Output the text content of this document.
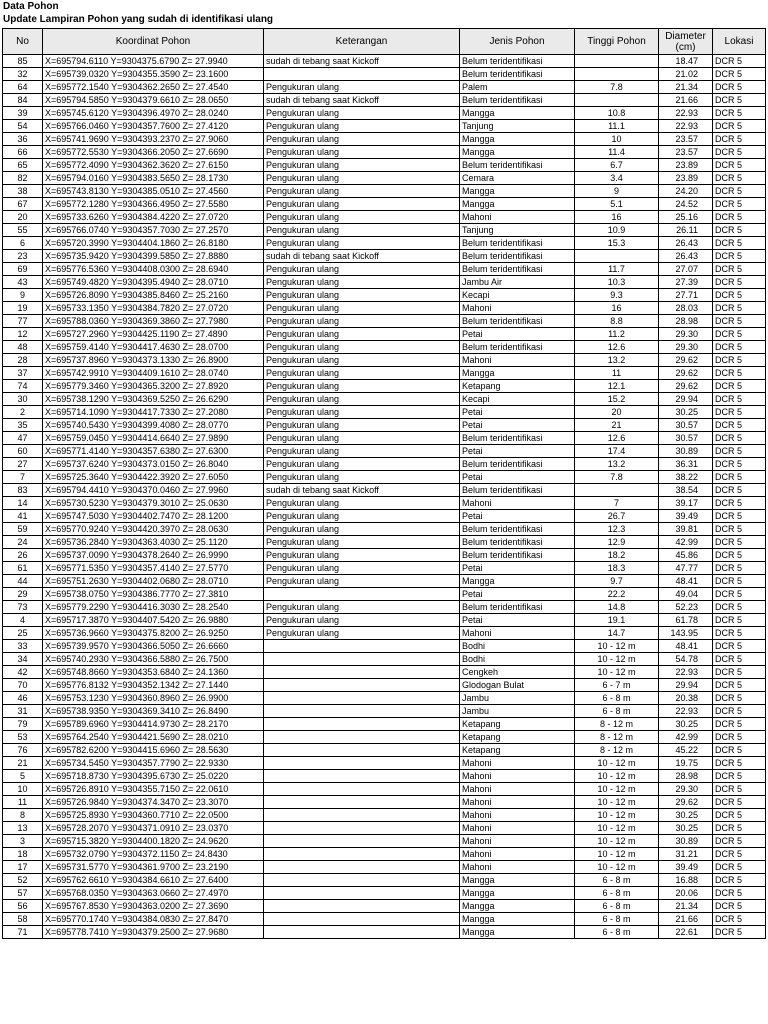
Data Pohon
Update Lampiran Pohon yang sudah di identifikasi ulang
No	Koordinat Pohon	Keterangan	Jenis Pohon	Tinggi Pohon	Diameter (cm)	Lokasi
85	X=695794.6110 Y=9304375.6790 Z= 27.9940	sudah di tebang saat Kickoff	Belum teridentifikasi		18.47	DCR 5
32	X=695739.0320 Y=9304355.3590 Z= 23.1600		Belum teridentifikasi		21.02	DCR 5
64	X=695772.1540 Y=9304362.2650 Z= 27.4540	Pengukuran ulang	Palem	7.8	21.34	DCR 5
84	X=695794.5850 Y=9304379.6610 Z= 28.0650	sudah di tebang saat Kickoff	Belum teridentifikasi		21.66	DCR 5
39	X=695745.6120 Y=9304396.4970 Z= 28.0240	Pengukuran ulang	Mangga	10.8	22.93	DCR 5
54	X=695766.0460 Y=9304357.7600 Z= 27.4120	Pengukuran ulang	Tanjung	11.1	22.93	DCR 5
36	X=695741.9690 Y=9304393.2370 Z= 27.9060	Pengukuran ulang	Mangga	10	23.57	DCR 5
66	X=695772.5530 Y=9304366.2050 Z= 27.6690	Pengukuran ulang	Mangga	11.4	23.57	DCR 5
65	X=695772.4090 Y=9304362.3620 Z= 27.6150	Pengukuran ulang	Belum teridentifikasi	6.7	23.89	DCR 5
82	X=695794.0160 Y=9304383.5650 Z= 28.1730	Pengukuran ulang	Cemara	3.4	23.89	DCR 5
38	X=695743.8130 Y=9304385.0510 Z= 27.4560	Pengukuran ulang	Mangga	9	24.20	DCR 5
67	X=695772.1280 Y=9304366.4950 Z= 27.5580	Pengukuran ulang	Mangga	5.1	24.52	DCR 5
20	X=695733.6260 Y=9304384.4220 Z= 27.0720	Pengukuran ulang	Mahoni	16	25.16	DCR 5
55	X=695766.0740 Y=9304357.7030 Z= 27.2570	Pengukuran ulang	Tanjung	10.9	26.11	DCR 5
6	X=695720.3990 Y=9304404.1860 Z= 26.8180	Pengukuran ulang	Belum teridentifikasi	15.3	26.43	DCR 5
23	X=695735.9420 Y=9304399.5850 Z= 27.8880	sudah di tebang saat Kickoff	Belum teridentifikasi		26.43	DCR 5
69	X=695776.5360 Y=9304408.0300 Z= 28.6940	Pengukuran ulang	Belum teridentifikasi	11.7	27.07	DCR 5
43	X=695749.4820 Y=9304395.4940 Z= 28.0710	Pengukuran ulang	Jambu Air	10.3	27.39	DCR 5
9	X=695726.8090 Y=9304385.8460 Z= 25.2160	Pengukuran ulang	Kecapi	9.3	27.71	DCR 5
19	X=695733.1350 Y=9304384.7820 Z= 27.0720	Pengukuran ulang	Mahoni	16	28.03	DCR 5
77	X=695788.0360 Y=9304369.3860 Z= 27.7980	Pengukuran ulang	Belum teridentifikasi	8.8	28.98	DCR 5
12	X=695727.2960 Y=9304425.1190 Z= 27.4890	Pengukuran ulang	Petai	11.2	29.30	DCR 5
48	X=695759.4140 Y=9304417.4630 Z= 28.0700	Pengukuran ulang	Belum teridentifikasi	12.6	29.30	DCR 5
28	X=695737.8960 Y=9304373.1330 Z= 26.8900	Pengukuran ulang	Mahoni	13.2	29.62	DCR 5
37	X=695742.9910 Y=9304409.1610 Z= 28.0740	Pengukuran ulang	Mangga	11	29.62	DCR 5
74	X=695779.3460 Y=9304365.3200 Z= 27.8920	Pengukuran ulang	Ketapang	12.1	29.62	DCR 5
30	X=695738.1290 Y=9304369.5250 Z= 26.6290	Pengukuran ulang	Kecapi	15.2	29.94	DCR 5
2	X=695714.1090 Y=9304417.7330 Z= 27.2080	Pengukuran ulang	Petai	20	30.25	DCR 5
35	X=695740.5430 Y=9304399.4080 Z= 28.0770	Pengukuran ulang	Petai	21	30.57	DCR 5
47	X=695759.0450 Y=9304414.6640 Z= 27.9890	Pengukuran ulang	Belum teridentifikasi	12.6	30.57	DCR 5
60	X=695771.4140 Y=9304357.6380 Z= 27.6300	Pengukuran ulang	Petai	17.4	30.89	DCR 5
27	X=695737.6240 Y=9304373.0150 Z= 26.8040	Pengukuran ulang	Belum teridentifikasi	13.2	36.31	DCR 5
7	X=695725.3640 Y=9304422.3920 Z= 27.6050	Pengukuran ulang	Petai	7.8	38.22	DCR 5
83	X=695794.4410 Y=9304370.0460 Z= 27.9960	sudah di tebang saat Kickoff	Belum teridentifikasi		38.54	DCR 5
14	X=695730.5230 Y=9304379.3010 Z= 25.0630	Pengukuran ulang	Mahoni	7	39.17	DCR 5
41	X=695747.5030 Y=9304402.7470 Z= 28.1200	Pengukuran ulang	Petai	26.7	39.49	DCR 5
59	X=695770.9240 Y=9304420.3970 Z= 28.0630	Pengukuran ulang	Belum teridentifikasi	12.3	39.81	DCR 5
24	X=695736.2840 Y=9304363.4030 Z= 25.1120	Pengukuran ulang	Belum teridentifikasi	12.9	42.99	DCR 5
26	X=695737.0090 Y=9304378.2640 Z= 26.9990	Pengukuran ulang	Belum teridentifikasi	18.2	45.86	DCR 5
61	X=695771.5350 Y=9304357.4140 Z= 27.5770	Pengukuran ulang	Petai	18.3	47.77	DCR 5
44	X=695751.2630 Y=9304402.0680 Z= 28.0710	Pengukuran ulang	Mangga	9.7	48.41	DCR 5
29	X=695738.0750 Y=9304386.7770 Z= 27.3810		Petai	22.2	49.04	DCR 5
73	X=695779.2290 Y=9304416.3030 Z= 28.2540	Pengukuran ulang	Belum teridentifikasi	14.8	52.23	DCR 5
4	X=695717.3870 Y=9304407.5420 Z= 26.9880	Pengukuran ulang	Petai	19.1	61.78	DCR 5
25	X=695736.9660 Y=9304375.8200 Z= 26.9250	Pengukuran ulang	Mahoni	14.7	143.95	DCR 5
33	X=695739.9570 Y=9304366.5050 Z= 26.6660		Bodhi	10 - 12 m	48.41	DCR 5
34	X=695740.2930 Y=9304366.5880 Z= 26.7500		Bodhi	10 - 12 m	54.78	DCR 5
42	X=695748.8660 Y=9304353.6840 Z= 24.1360		Cengkeh	10 - 12 m	22.93	DCR 5
70	X=695776.8132 Y=9304352.1342 Z= 27.1440		Glodogan Bulat	6 - 7 m	29.94	DCR 5
46	X=695753.1230 Y=9304360.8960 Z= 26.9900		Jambu	6 - 8 m	20.38	DCR 5
31	X=695738.9350 Y=9304369.3410 Z= 26.8490		Jambu	6 - 8 m	22.93	DCR 5
79	X=695789.6960 Y=9304414.9730 Z= 28.2170		Ketapang	8 - 12 m	30.25	DCR 5
53	X=695764.2540 Y=9304421.5690 Z= 28.0210		Ketapang	8 - 12 m	42.99	DCR 5
76	X=695782.6200 Y=9304415.6960 Z= 28.5630		Ketapang	8 - 12 m	45.22	DCR 5
21	X=695734.5450 Y=9304357.7790 Z= 22.9330		Mahoni	10 - 12 m	19.75	DCR 5
5	X=695718.8730 Y=9304395.6730 Z= 25.0220		Mahoni	10 - 12 m	28.98	DCR 5
10	X=695726.8910 Y=9304355.7150 Z= 22.0610		Mahoni	10 - 12 m	29.30	DCR 5
11	X=695726.9840 Y=9304374.3470 Z= 23.3070		Mahoni	10 - 12 m	29.62	DCR 5
8	X=695725.8930 Y=9304360.7710 Z= 22.0500		Mahoni	10 - 12 m	30.25	DCR 5
13	X=695728.2070 Y=9304371.0910 Z= 23.0370		Mahoni	10 - 12 m	30.25	DCR 5
3	X=695715.3820 Y=9304400.1820 Z= 24.9620		Mahoni	10 - 12 m	30.89	DCR 5
18	X=695732.0790 Y=9304372.1150 Z= 24.8430		Mahoni	10 - 12 m	31.21	DCR 5
17	X=695731.5770 Y=9304361.9700 Z= 23.2190		Mahoni	10 - 12 m	39.49	DCR 5
52	X=695762.6610 Y=9304384.6610 Z= 27.6400		Mangga	6 - 8 m	16.88	DCR 5
57	X=695768.0350 Y=9304363.0660 Z= 27.4970		Mangga	6 - 8 m	20.06	DCR 5
56	X=695767.8530 Y=9304363.0200 Z= 27.3690		Mangga	6 - 8 m	21.34	DCR 5
58	X=695770.1740 Y=9304384.0830 Z= 27.8470		Mangga	6 - 8 m	21.66	DCR 5
71	X=695778.7410 Y=9304379.2500 Z= 27.9680		Mangga	6 - 8 m	22.61	DCR 5
